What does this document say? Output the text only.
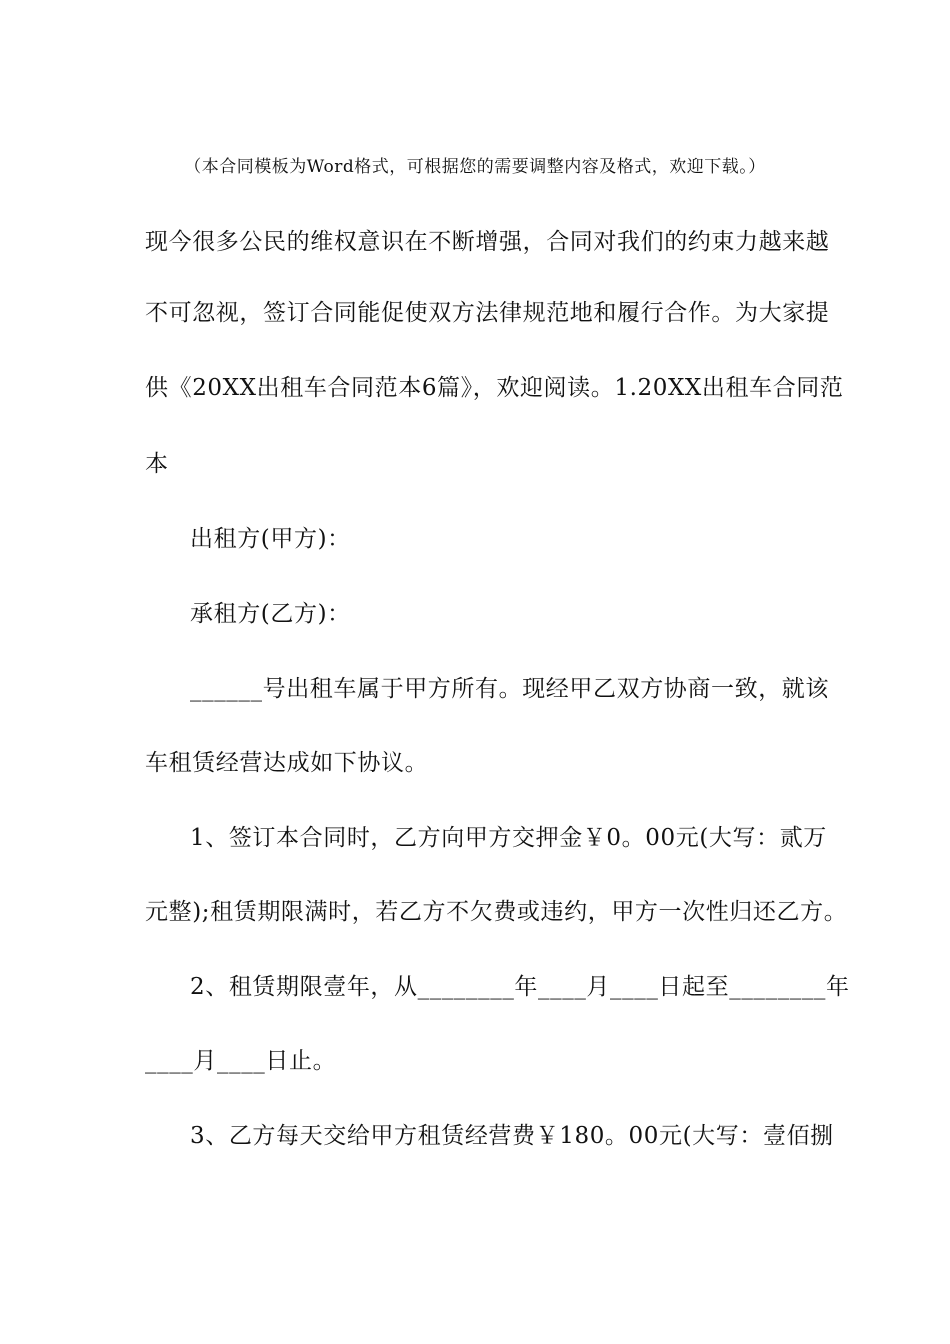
（本合同模板为Word格式，可根据您的需要调整内容及格式，欢迎下载。）
现今很多公民的维权意识在不断增强，合同对我们的约束力越来越
不可忽视，签订合同能促使双方法律规范地和履行合作。为大家提
供《20XX出租车合同范本6篇》，欢迎阅读。1.20XX出租车合同范
本
出租方(甲方)：
承租方(乙方)：
______号出租车属于甲方所有。现经甲乙双方协商一致，就该
车租赁经营达成如下协议。
1、签订本合同时，乙方向甲方交押金￥0。00元(大写：贰万
元整);租赁期限满时，若乙方不欠费或违约，甲方一次性归还乙方。
2、租赁期限壹年，从________年____月____日起至________年
____月____日止。
3、乙方每天交给甲方租赁经营费￥180。00元(大写：壹佰捌
